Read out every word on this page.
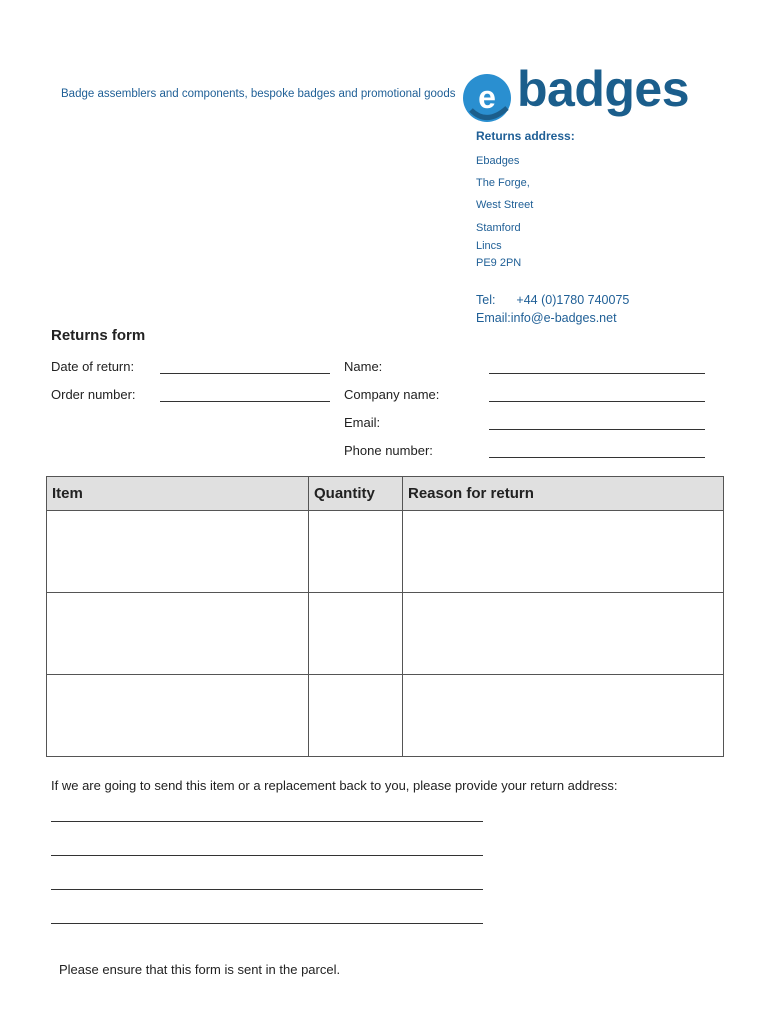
Badge assemblers and components, bespoke badges and promotional goods e badges
Returns address:
Ebadges
The Forge,
West Street
Stamford
Lincs
PE9 2PN
Tel: +44 (0)1780 740075
Email:info@e-badges.net
Returns form
Date of return:
Order number:
Name:
Company name:
Email:
Phone number:
Item	Quantity	Reason for return

If we are going to send this item or a replacement back to you, please provide your return address:
Please ensure that this form is sent in the parcel.
